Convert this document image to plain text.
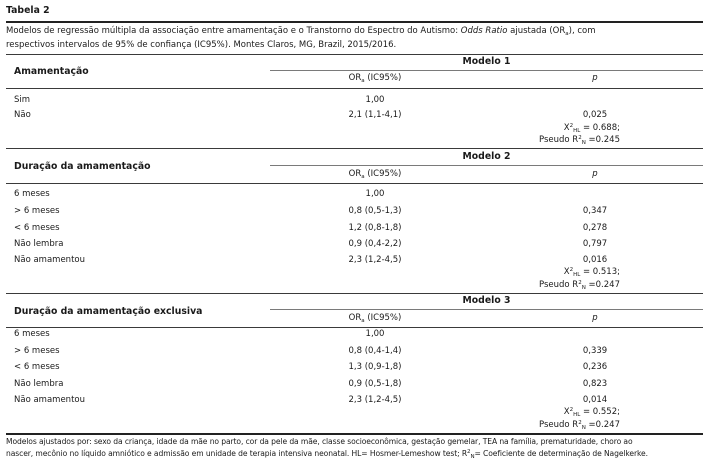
Tabela 2
Modelos de regressão múltipla da associação entre amamentação e o Transtorno do Espectro do Autismo: Odds Ratio ajustada $(OR_a)$, com
respectivos intervalos de 95% de confiança (IC95%). Montes Claros, MG, Brazil, 2015/2016.
Modelo 1
Amamentação
$OR_a$ (IC95%)	p
Sim	1,00
Não	2,1 (1,1-4,1)	0,025
$X^2_{HL} = 0.688$;
Pseudo $R^2_N =0.245$
Modelo 2
Duração da amamentação
$OR_a$ (IC95%)	p
6 meses	1,00
> 6 meses	0,8 (0,5-1,3)	0,347
< 6 meses	1,2 (0,8-1,8)	0,278
Não lembra	0,9 (0,4-2,2)	0,797
Não amamentou	2,3 (1,2-4,5)	0,016
$X^2_{HL} = 0.513$;
Pseudo $R^2_N =0.247$
Modelo 3
Duração da amamentação exclusiva
$OR_a$ (IC95%)	p
6 meses	1,00
> 6 meses	0,8 (0,4-1,4)	0,339
< 6 meses	1,3 (0,9-1,8)	0,236
Não lembra	0,9 (0,5-1,8)	0,823
Não amamentou	2,3 (1,2-4,5)	0,014
$X^2_{HL} = 0.552$;
Pseudo $R^2_N =0.247$
Modelos ajustados por: sexo da criança, idade da mãe no parto, cor da pele da mãe, classe socioeconômica, gestação gemelar, TEA na família, prematuridade, choro ao
nascer, mecônio no líquido amniótico e admissão em unidade de terapia intensiva neonatal. HL= Hosmer-Lemeshow test; $R^2_N=$ Coeficiente de determinação de Nagelkerke.
